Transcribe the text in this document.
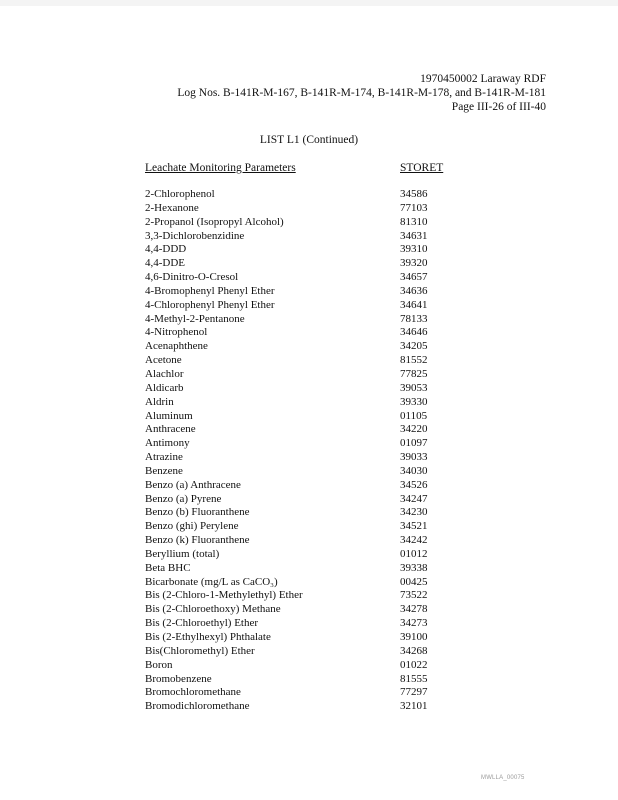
1970450002 Laraway RDF
Log Nos. B-141R-M-167, B-141R-M-174, B-141R-M-178, and B-141R-M-181
Page III-26 of III-40
LIST L1 (Continued)
Leachate Monitoring Parameters	STORET
2-Chlorophenol	34586
2-Hexanone	77103
2-Propanol (Isopropyl Alcohol)	81310
3,3-Dichlorobenzidine	34631
4,4-DDD	39310
4,4-DDE	39320
4,6-Dinitro-O-Cresol	34657
4-Bromophenyl Phenyl Ether	34636
4-Chlorophenyl Phenyl Ether	34641
4-Methyl-2-Pentanone	78133
4-Nitrophenol	34646
Acenaphthene	34205
Acetone	81552
Alachlor	77825
Aldicarb	39053
Aldrin	39330
Aluminum	01105
Anthracene	34220
Antimony	01097
Atrazine	39033
Benzene	34030
Benzo (a) Anthracene	34526
Benzo (a) Pyrene	34247
Benzo (b) Fluoranthene	34230
Benzo (ghi) Perylene	34521
Benzo (k) Fluoranthene	34242
Beryllium (total)	01012
Beta BHC	39338
Bicarbonate (mg/L as CaCO₃)	00425
Bis (2-Chloro-1-Methylethyl) Ether	73522
Bis (2-Chloroethoxy) Methane	34278
Bis (2-Chloroethyl) Ether	34273
Bis (2-Ethylhexyl) Phthalate	39100
Bis(Chloromethyl) Ether	34268
Boron	01022
Bromobenzene	81555
Bromochloromethane	77297
Bromodichloromethane	32101
MWLLA_00075
